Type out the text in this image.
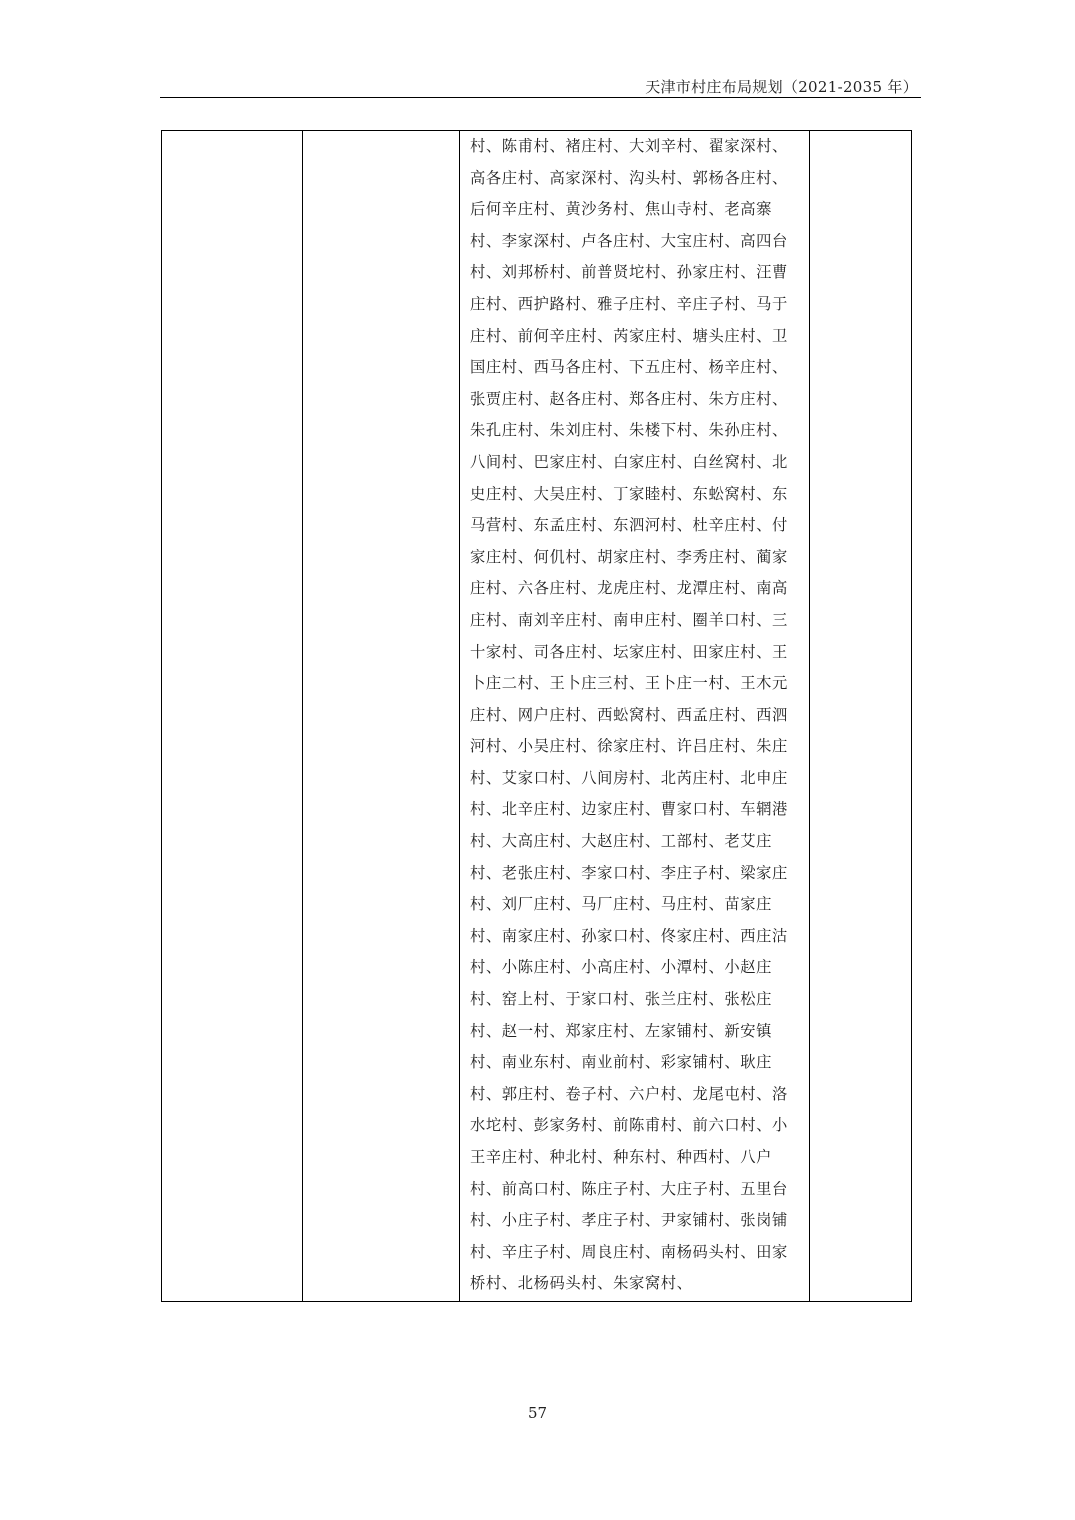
天津市村庄布局规划（2021-2035 年）

村、陈甫村、褚庄村、大刘辛村、翟家深村、高各庄村、高家深村、沟头村、郭杨各庄村、后何辛庄村、黄沙务村、焦山寺村、老高寨村、李家深村、卢各庄村、大宝庄村、高四台村、刘邦桥村、前普贤坨村、孙家庄村、汪曹庄村、西护路村、雅子庄村、辛庄子村、马于庄村、前何辛庄村、芮家庄村、塘头庄村、卫国庄村、西马各庄村、下五庄村、杨辛庄村、张贾庄村、赵各庄村、郑各庄村、朱方庄村、朱孔庄村、朱刘庄村、朱楼下村、朱孙庄村、八间村、巴家庄村、白家庄村、白丝窝村、北史庄村、大吴庄村、丁家睦村、东蚣窝村、东马营村、东孟庄村、东泗河村、杜辛庄村、付家庄村、何仉村、胡家庄村、李秀庄村、蔺家庄村、六各庄村、龙虎庄村、龙潭庄村、南高庄村、南刘辛庄村、南申庄村、圈羊口村、三十家村、司各庄村、坛家庄村、田家庄村、王卜庄二村、王卜庄三村、王卜庄一村、王木元庄村、网户庄村、西蚣窝村、西孟庄村、西泗河村、小吴庄村、徐家庄村、许吕庄村、朱庄村、艾家口村、八间房村、北芮庄村、北申庄村、北辛庄村、边家庄村、曹家口村、车辋港村、大高庄村、大赵庄村、工部村、老艾庄村、老张庄村、李家口村、李庄子村、梁家庄村、刘厂庄村、马厂庄村、马庄村、苗家庄村、南家庄村、孙家口村、佟家庄村、西庄沽村、小陈庄村、小高庄村、小潭村、小赵庄村、窑上村、于家口村、张兰庄村、张松庄村、赵一村、郑家庄村、左家铺村、新安镇村、南业东村、南业前村、彩家铺村、耿庄村、郭庄村、卷子村、六户村、龙尾屯村、洛水坨村、彭家务村、前陈甫村、前六口村、小王辛庄村、种北村、种东村、种西村、八户村、前高口村、陈庄子村、大庄子村、五里台村、小庄子村、孝庄子村、尹家铺村、张岗铺村、辛庄子村、周良庄村、南杨码头村、田家桥村、北杨码头村、朱家窝村、

57
